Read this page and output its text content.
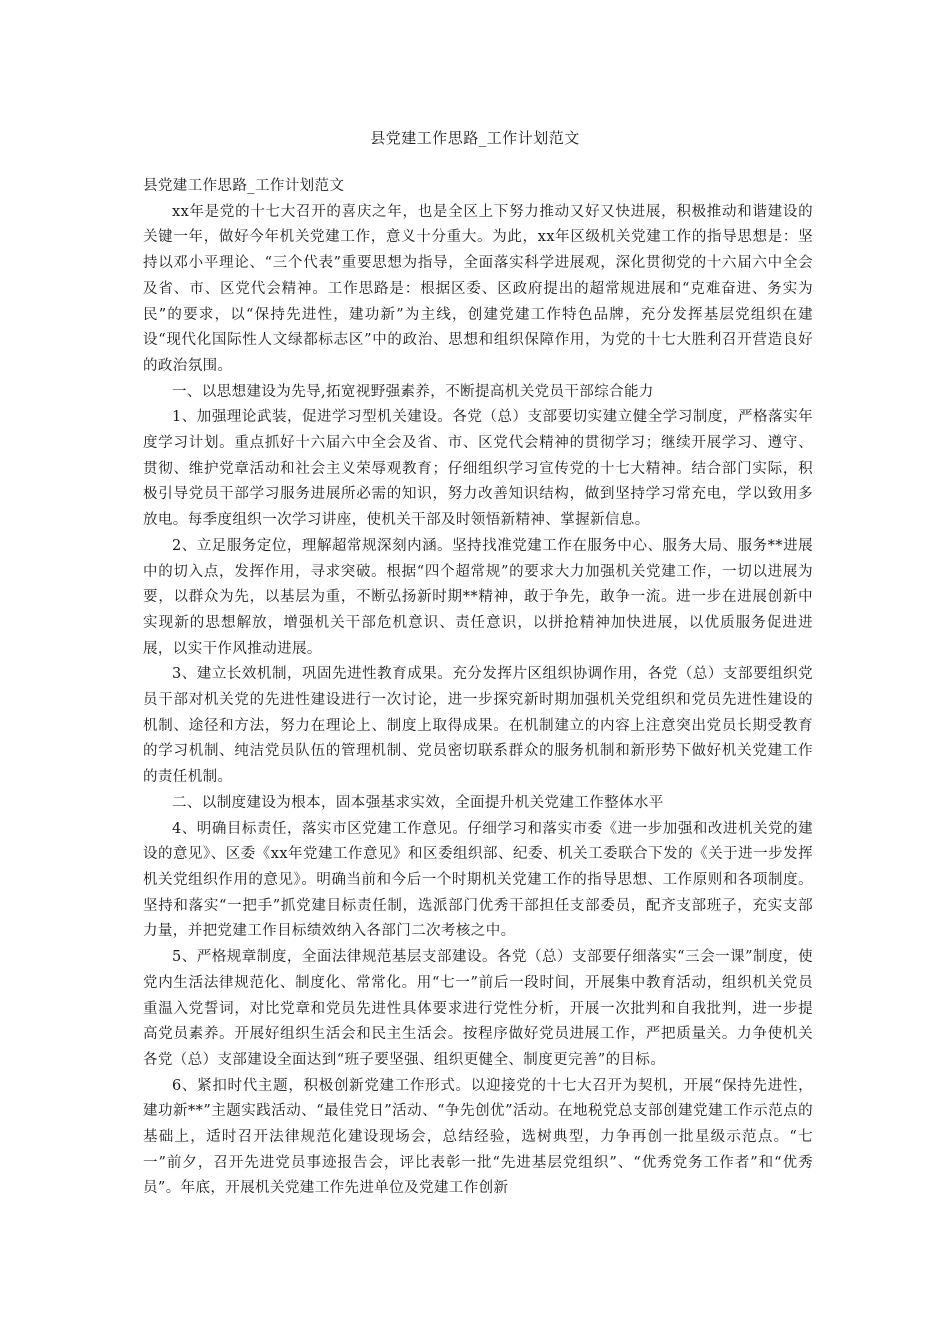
县党建工作思路_工作计划范文

县党建工作思路_工作计划范文

xx年是党的十七大召开的喜庆之年，也是全区上下努力推动又好又快进展，积极推动和谐建设的关键一年，做好今年机关党建工作，意义十分重大。为此，xx年区级机关党建工作的指导思想是：坚持以邓小平理论、“三个代表”重要思想为指导，全面落实科学进展观，深化贯彻党的十六届六中全会及省、市、区党代会精神。工作思路是：根据区委、区政府提出的超常规进展和“克难奋进、务实为民”的要求，以“保持先进性，建功新”为主线，创建党建工作特色品牌，充分发挥基层党组织在建设“现代化国际性人文绿都标志区”中的政治、思想和组织保障作用，为党的十七大胜利召开营造良好的政治氛围。

一、以思想建设为先导,拓宽视野强素养，不断提高机关党员干部综合能力

1、加强理论武装，促进学习型机关建设。各党（总）支部要切实建立健全学习制度，严格落实年度学习计划。重点抓好十六届六中全会及省、市、区党代会精神的贯彻学习；继续开展学习、遵守、贯彻、维护党章活动和社会主义荣辱观教育；仔细组织学习宣传党的十七大精神。结合部门实际，积极引导党员干部学习服务进展所必需的知识，努力改善知识结构，做到坚持学习常充电，学以致用多放电。每季度组织一次学习讲座，使机关干部及时领悟新精神、掌握新信息。

2、立足服务定位，理解超常规深刻内涵。坚持找准党建工作在服务中心、服务大局、服务**进展中的切入点，发挥作用，寻求突破。根据“四个超常规”的要求大力加强机关党建工作，一切以进展为要，以群众为先，以基层为重，不断弘扬新时期**精神，敢于争先，敢争一流。进一步在进展创新中实现新的思想解放，增强机关干部危机意识、责任意识，以拼抢精神加快进展，以优质服务促进进展，以实干作风推动进展。

3、建立长效机制，巩固先进性教育成果。充分发挥片区组织协调作用，各党（总）支部要组织党员干部对机关党的先进性建设进行一次讨论，进一步探究新时期加强机关党组织和党员先进性建设的机制、途径和方法，努力在理论上、制度上取得成果。在机制建立的内容上注意突出党员长期受教育的学习机制、纯洁党员队伍的管理机制、党员密切联系群众的服务机制和新形势下做好机关党建工作的责任机制。

二、以制度建设为根本，固本强基求实效，全面提升机关党建工作整体水平

4、明确目标责任，落实市区党建工作意见。仔细学习和落实市委《进一步加强和改进机关党的建设的意见》、区委《xx年党建工作意见》和区委组织部、纪委、机关工委联合下发的《关于进一步发挥机关党组织作用的意见》。明确当前和今后一个时期机关党建工作的指导思想、工作原则和各项制度。坚持和落实“一把手”抓党建目标责任制，选派部门优秀干部担任支部委员，配齐支部班子，充实支部力量，并把党建工作目标绩效纳入各部门二次考核之中。

5、严格规章制度，全面法律规范基层支部建设。各党（总）支部要仔细落实“三会一课”制度，使党内生活法律规范化、制度化、常常化。用“七一”前后一段时间，开展集中教育活动，组织机关党员重温入党誓词，对比党章和党员先进性具体要求进行党性分析，开展一次批判和自我批判，进一步提高党员素养。开展好组织生活会和民主生活会。按程序做好党员进展工作，严把质量关。力争使机关各党（总）支部建设全面达到“班子要坚强、组织更健全、制度更完善”的目标。

6、紧扣时代主题，积极创新党建工作形式。以迎接党的十七大召开为契机，开展“保持先进性，建功新**”主题实践活动、“最佳党日”活动、“争先创优”活动。在地税党总支部创建党建工作示范点的基础上，适时召开法律规范化建设现场会，总结经验，选树典型，力争再创一批星级示范点。“七一”前夕，召开先进党员事迹报告会，评比表彰一批“先进基层党组织”、“优秀党务工作者”和“优秀员”。年底，开展机关党建工作先进单位及党建工作创新
